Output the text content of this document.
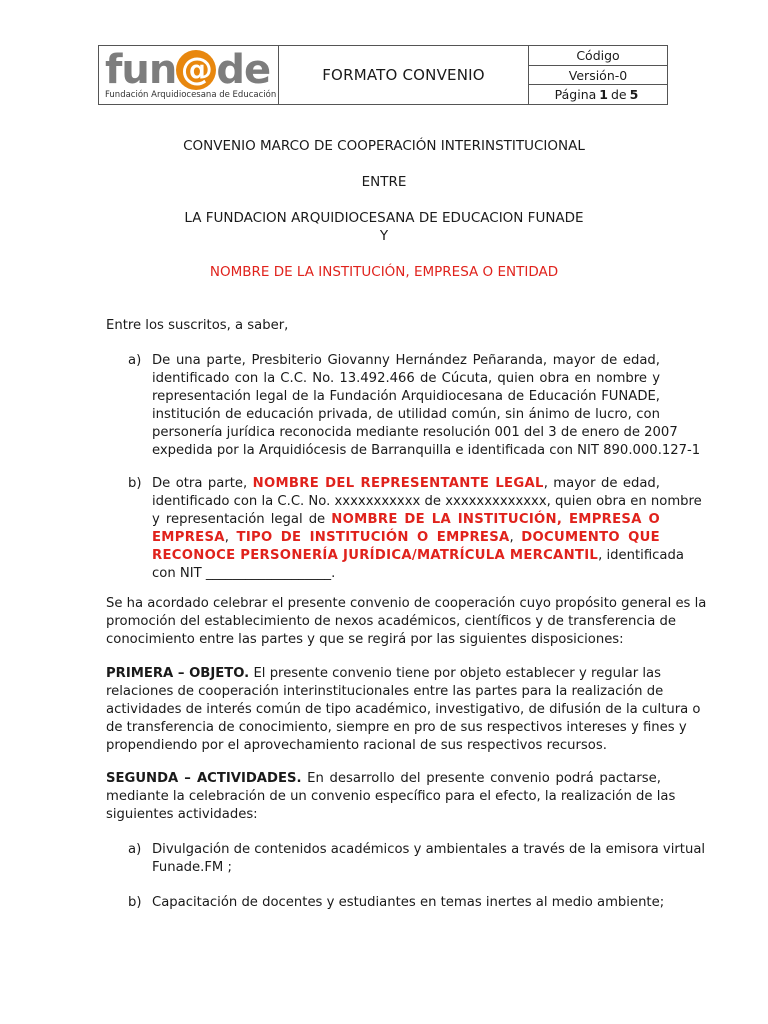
fun @ de
Fundación Arquidiocesana de Educación
FORMATO CONVENIO
Código
Versión-0
Página 1 de 5
CONVENIO MARCO DE COOPERACIÓN INTERINSTITUCIONAL
ENTRE
LA FUNDACION ARQUIDIOCESANA DE EDUCACION FUNADE
Y
NOMBRE DE LA INSTITUCIÓN, EMPRESA O ENTIDAD
Entre los suscritos, a saber,
a) De una parte, Presbiterio Giovanny Hernández Peñaranda, mayor de edad,
identificado con la C.C. No. 13.492.466 de Cúcuta, quien obra en nombre y
representación legal de la Fundación Arquidiocesana de Educación FUNADE,
institución de educación privada, de utilidad común, sin ánimo de lucro, con
personería jurídica reconocida mediante resolución 001 del 3 de enero de 2007
expedida por la Arquidiócesis de Barranquilla e identificada con NIT 890.000.127-1
b) De otra parte, NOMBRE DEL REPRESENTANTE LEGAL, mayor de edad,
identificado con la C.C. No. xxxxxxxxxxx de xxxxxxxxxxxxx, quien obra en nombre
y representación legal de NOMBRE DE LA INSTITUCIÓN, EMPRESA O
EMPRESA, TIPO DE INSTITUCIÓN O EMPRESA, DOCUMENTO QUE
RECONOCE PERSONERÍA JURÍDICA/MATRÍCULA MERCANTIL, identificada
con NIT ___________________.
Se ha acordado celebrar el presente convenio de cooperación cuyo propósito general es la
promoción del establecimiento de nexos académicos, científicos y de transferencia de
conocimiento entre las partes y que se regirá por las siguientes disposiciones:
PRIMERA – OBJETO. El presente convenio tiene por objeto establecer y regular las
relaciones de cooperación interinstitucionales entre las partes para la realización de
actividades de interés común de tipo académico, investigativo, de difusión de la cultura o
de transferencia de conocimiento, siempre en pro de sus respectivos intereses y fines y
propendiendo por el aprovechamiento racional de sus respectivos recursos.
SEGUNDA – ACTIVIDADES. En desarrollo del presente convenio podrá pactarse,
mediante la celebración de un convenio específico para el efecto, la realización de las
siguientes actividades:
a) Divulgación de contenidos académicos y ambientales a través de la emisora virtual
Funade.FM ;
b) Capacitación de docentes y estudiantes en temas inertes al medio ambiente;
